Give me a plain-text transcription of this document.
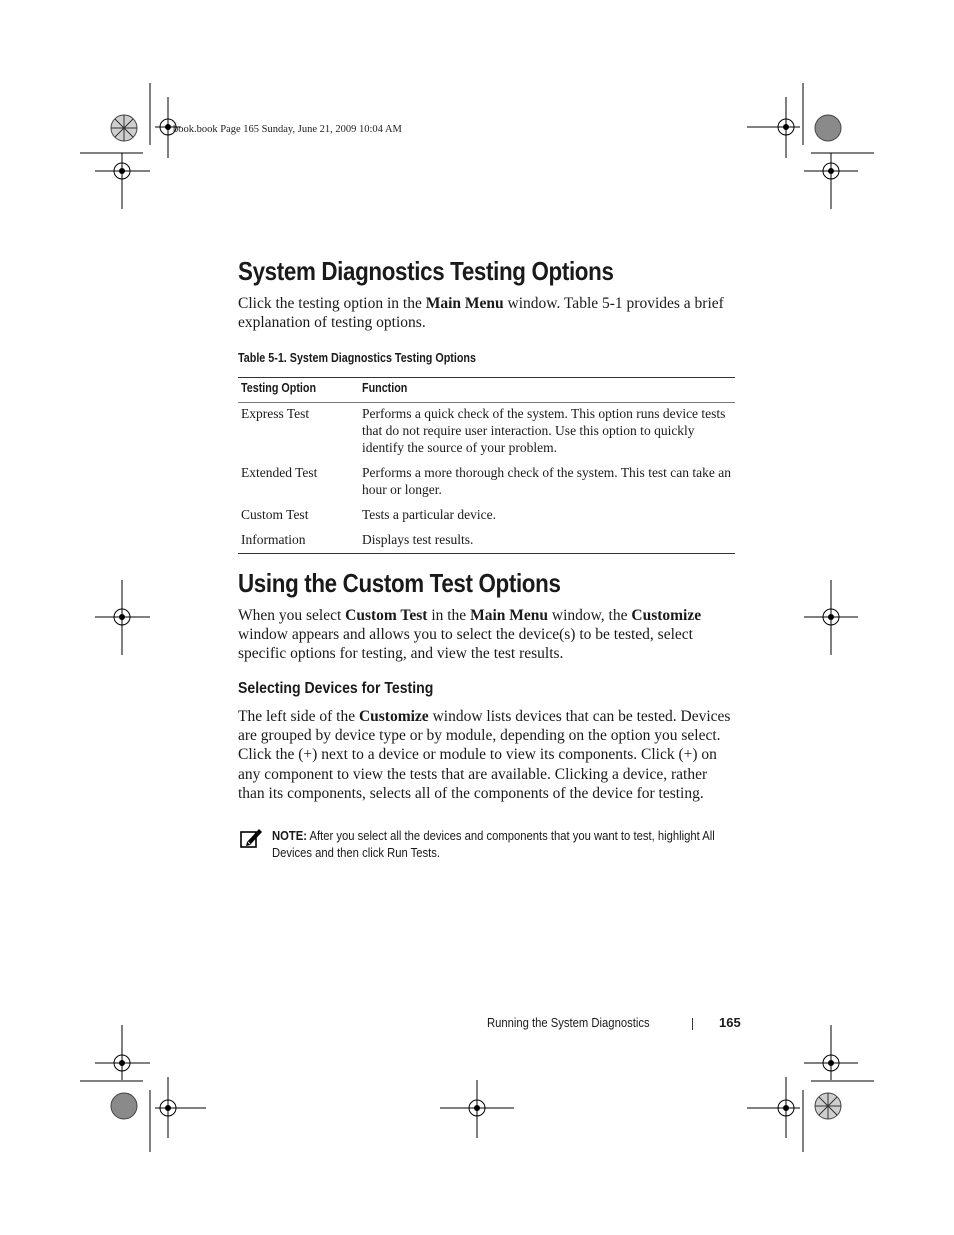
book.book Page 165 Sunday, June 21, 2009 10:04 AM
System Diagnostics Testing Options
Click the testing option in the Main Menu window. Table 5-1 provides a brief explanation of testing options.
Table 5-1. System Diagnostics Testing Options
Testing Option	Function
Express Test	Performs a quick check of the system. This option runs device tests that do not require user interaction. Use this option to quickly identify the source of your problem.
Extended Test	Performs a more thorough check of the system. This test can take an hour or longer.
Custom Test	Tests a particular device.
Information	Displays test results.
Using the Custom Test Options
When you select Custom Test in the Main Menu window, the Customize window appears and allows you to select the device(s) to be tested, select specific options for testing, and view the test results.
Selecting Devices for Testing
The left side of the Customize window lists devices that can be tested. Devices are grouped by device type or by module, depending on the option you select. Click the (+) next to a device or module to view its components. Click (+) on any component to view the tests that are available. Clicking a device, rather than its components, selects all of the components of the device for testing.
NOTE: After you select all the devices and components that you want to test, highlight All Devices and then click Run Tests.
Running the System Diagnostics	165
